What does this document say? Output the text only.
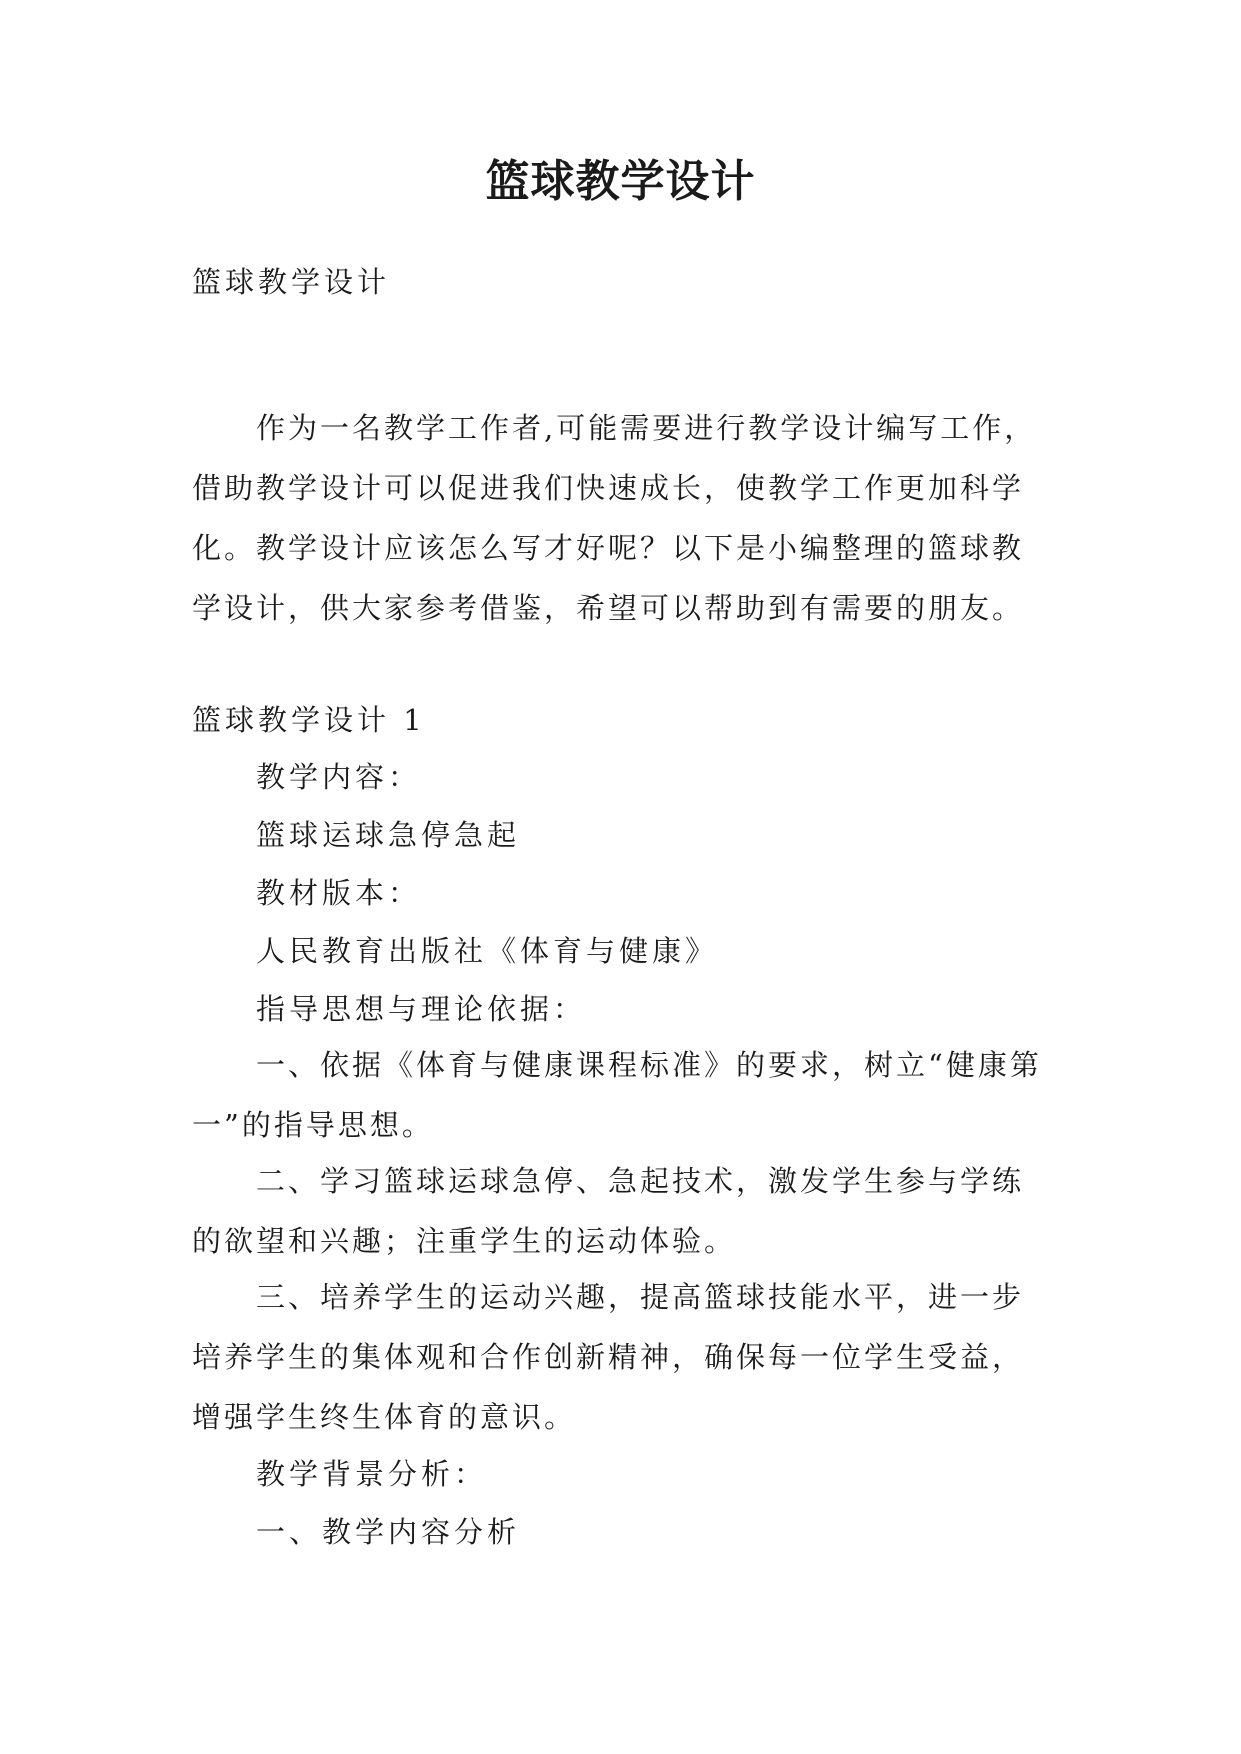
篮球教学设计
篮球教学设计
作为一名教学工作者,可能需要进行教学设计编写工作，借助教学设计可以促进我们快速成长，使教学工作更加科学化。教学设计应该怎么写才好呢？以下是小编整理的篮球教学设计，供大家参考借鉴，希望可以帮助到有需要的朋友。
篮球教学设计 1
教学内容：
篮球运球急停急起
教材版本：
人民教育出版社《体育与健康》
指导思想与理论依据：
一、依据《体育与健康课程标准》的要求，树立“健康第一”的指导思想。
二、学习篮球运球急停、急起技术，激发学生参与学练的欲望和兴趣；注重学生的运动体验。
三、培养学生的运动兴趣，提高篮球技能水平，进一步培养学生的集体观和合作创新精神，确保每一位学生受益，增强学生终生体育的意识。
教学背景分析：
一、教学内容分析
